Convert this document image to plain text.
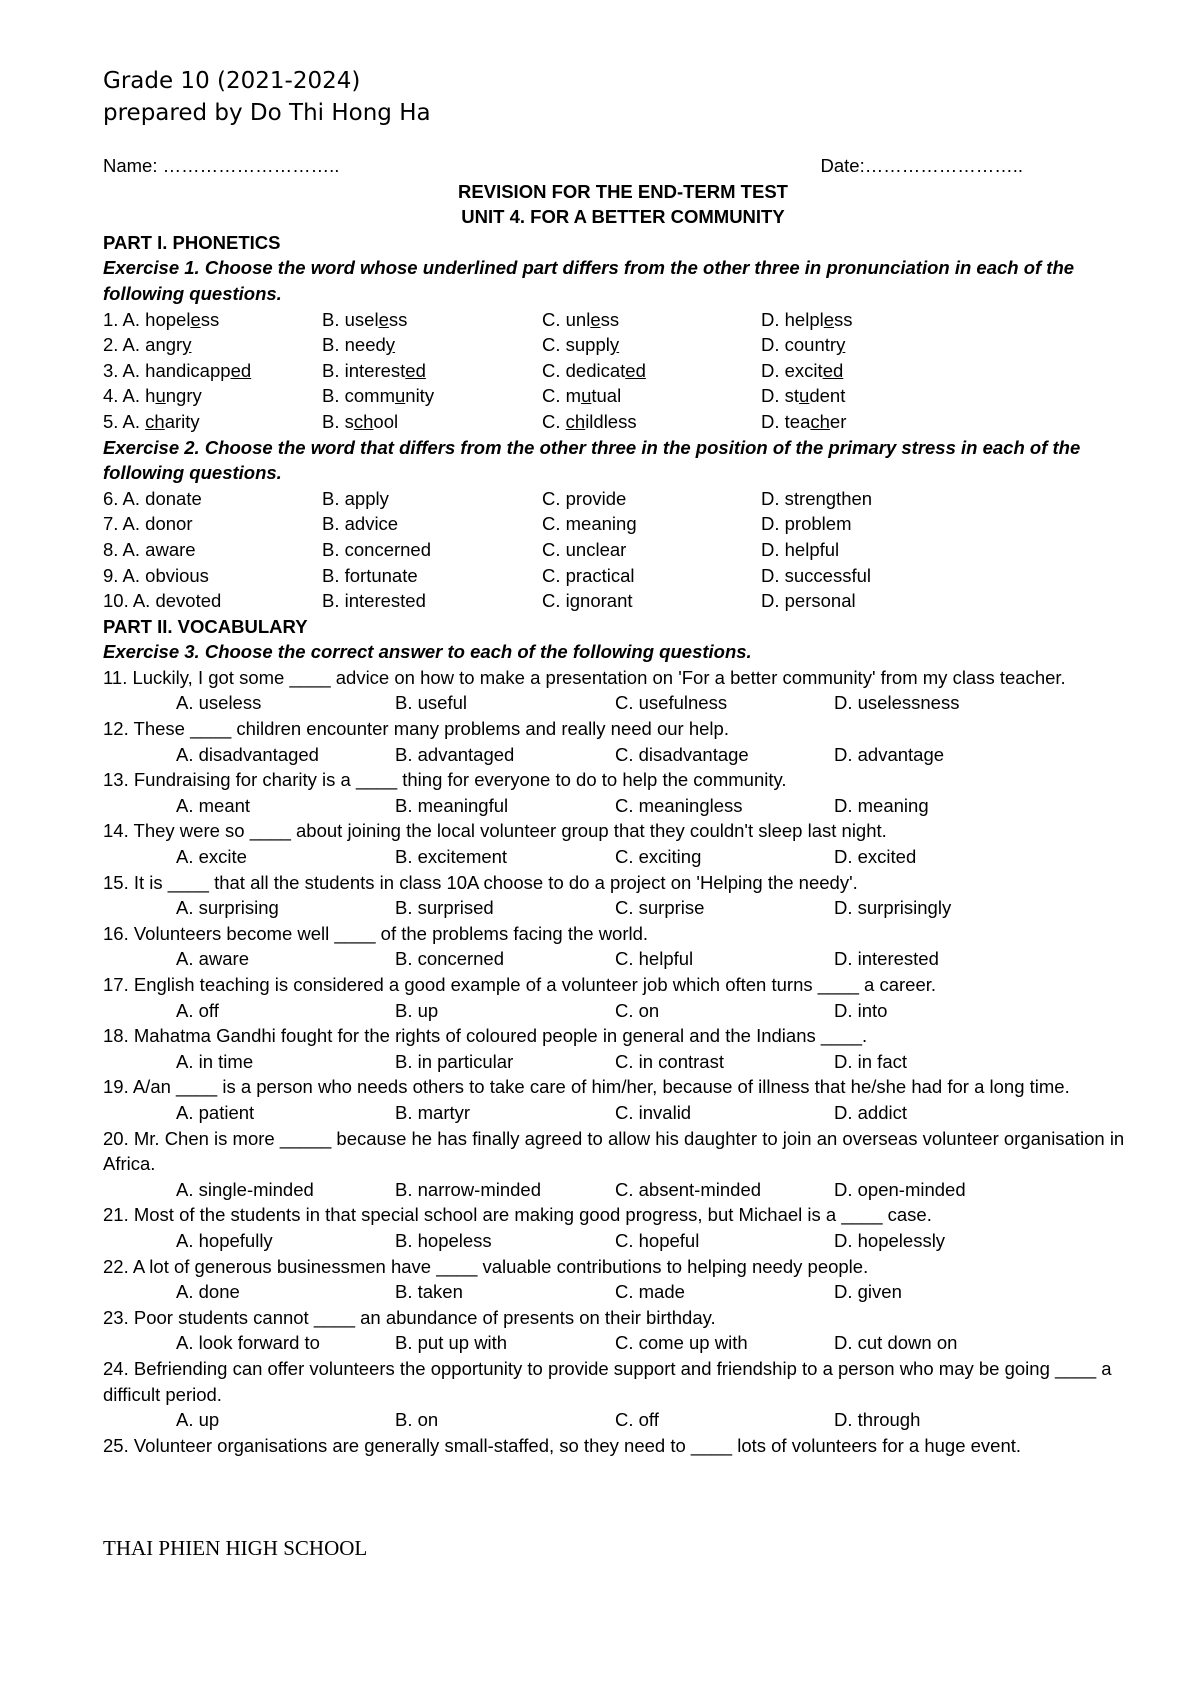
Grade 10 (2021-2024)
prepared by Do Thi Hong Ha
Name: ………………………..	Date:……………………..
REVISION FOR THE END-TERM TEST
UNIT 4. FOR A BETTER COMMUNITY
PART I. PHONETICS
Exercise 1. Choose the word whose underlined part differs from the other three in pronunciation in each of the following questions.
1. A. hopeless	B. useless	C. unless	D. helpless
2. A. angry	B. needy	C. supply	D. country
3. A. handicapped	B. interested	C. dedicated	D. excited
4. A. hungry	B. community	C. mutual	D. student
5. A. charity	B. school	C. childless	D. teacher
Exercise 2. Choose the word that differs from the other three in the position of the primary stress in each of the following questions.
6. A. donate	B. apply	C. provide	D. strengthen
7. A. donor	B. advice	C. meaning	D. problem
8. A. aware	B. concerned	C. unclear	D. helpful
9. A. obvious	B. fortunate	C. practical	D. successful
10. A. devoted	B. interested	C. ignorant	D. personal
PART II. VOCABULARY
Exercise 3. Choose the correct answer to each of the following questions.
11. Luckily, I got some ____ advice on how to make a presentation on 'For a better community' from my class teacher.
A. useless	B. useful	C. usefulness	D. uselessness
12. These ____ children encounter many problems and really need our help.
A. disadvantaged	B. advantaged	C. disadvantage	D. advantage
13. Fundraising for charity is a ____ thing for everyone to do to help the community.
A. meant	B. meaningful	C. meaningless	D. meaning
14. They were so ____ about joining the local volunteer group that they couldn't sleep last night.
A. excite	B. excitement	C. exciting	D. excited
15. It is ____ that all the students in class 10A choose to do a project on 'Helping the needy'.
A. surprising	B. surprised	C. surprise	D. surprisingly
16. Volunteers become well ____ of the problems facing the world.
A. aware	B. concerned	C. helpful	D. interested
17. English teaching is considered a good example of a volunteer job which often turns ____ a career.
A. off	B. up	C. on	D. into
18. Mahatma Gandhi fought for the rights of coloured people in general and the Indians ____.
A. in time	B. in particular	C. in contrast	D. in fact
19. A/an ____ is a person who needs others to take care of him/her, because of illness that he/she had for a long time.
A. patient	B. martyr	C. invalid	D. addict
20. Mr. Chen is more _____ because he has finally agreed to allow his daughter to join an overseas volunteer organisation in Africa.
A. single-minded	B. narrow-minded	C. absent-minded	D. open-minded
21. Most of the students in that special school are making good progress, but Michael is a ____ case.
A. hopefully	B. hopeless	C. hopeful	D. hopelessly
22. A lot of generous businessmen have ____ valuable contributions to helping needy people.
A. done	B. taken	C. made	D. given
23. Poor students cannot ____ an abundance of presents on their birthday.
A. look forward to	B. put up with	C. come up with	D. cut down on
24. Befriending can offer volunteers the opportunity to provide support and friendship to a person who may be going ____ a difficult period.
A. up	B. on	C. off	D. through
25. Volunteer organisations are generally small-staffed, so they need to ____ lots of volunteers for a huge event.
THAI PHIEN HIGH SCHOOL
